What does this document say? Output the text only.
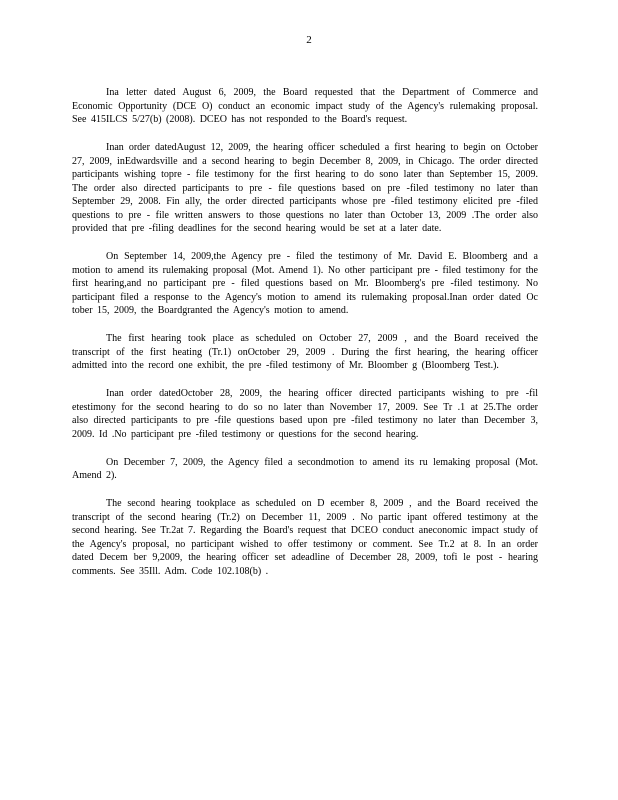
2

Ina letter dated August 6, 2009, the Board requested that the Department of Commerce and Economic Opportunity (DCE O) conduct an economic impact study of the Agency's rulemaking proposal. See 415ILCS 5/27(b) (2008). DCEO has not responded to the Board's request.

Inan order datedAugust 12, 2009, the hearing officer scheduled a first hearing to begin on October 27, 2009, inEdwardsville and a second hearing to begin December 8, 2009, in Chicago. The order directed participants wishing topre - file testimony for the first hearing to do sono later than September 15, 2009. The order also directed participants to pre - file questions based on pre -filed testimony no later than September 29, 2008. Fin ally, the order directed participants whose pre -filed testimony elicited pre -filed questions to pre - file written answers to those questions no later than October 13, 2009 .The order also provided that pre -filing deadlines for the second hearing would be set at a later date.

On September 14, 2009,the Agency pre - filed the testimony of Mr. David E. Bloomberg and a motion to amend its rulemaking proposal (Mot. Amend 1). No other participant pre - filed testimony for the first hearing,and no participant pre - filed questions based on Mr. Bloomberg's pre -filed testimony. No participant filed a response to the Agency's motion to amend its rulemaking proposal.Inan order dated Oc tober 15, 2009, the Boardgranted the Agency's motion to amend.

The first hearing took place as scheduled on October 27, 2009 , and the Board received the transcript of the first heating (Tr.1) onOctober 29, 2009 . During the first hearing, the hearing officer admitted into the record one exhibit, the pre -filed testimony of Mr. Bloomber g (Bloomberg Test.).

Inan order datedOctober 28, 2009, the hearing officer directed participants wishing to pre -fil etestimony for the second hearing to do so no later than November 17, 2009. See Tr .1 at 25.The order also directed participants to pre -file questions based upon pre -filed testimony no later than December 3, 2009. Id .No participant pre -filed testimony or questions for the second hearing.

On December 7, 2009, the Agency filed a secondmotion to amend its ru lemaking proposal (Mot. Amend 2).

The second hearing tookplace as scheduled on D ecember 8, 2009 , and the Board received the transcript of the second hearing (Tr.2) on December 11, 2009 . No partic ipant offered testimony at the second hearing. See Tr.2at 7. Regarding the Board's request that DCEO conduct aneconomic impact study of the Agency's proposal, no participant wished to offer testimony or comment. See Tr.2 at 8. In an order dated Decem ber 9,2009, the hearing officer set adeadline of December 28, 2009, tofi le post - hearing comments. See 35Ill. Adm. Code 102.108(b) .
